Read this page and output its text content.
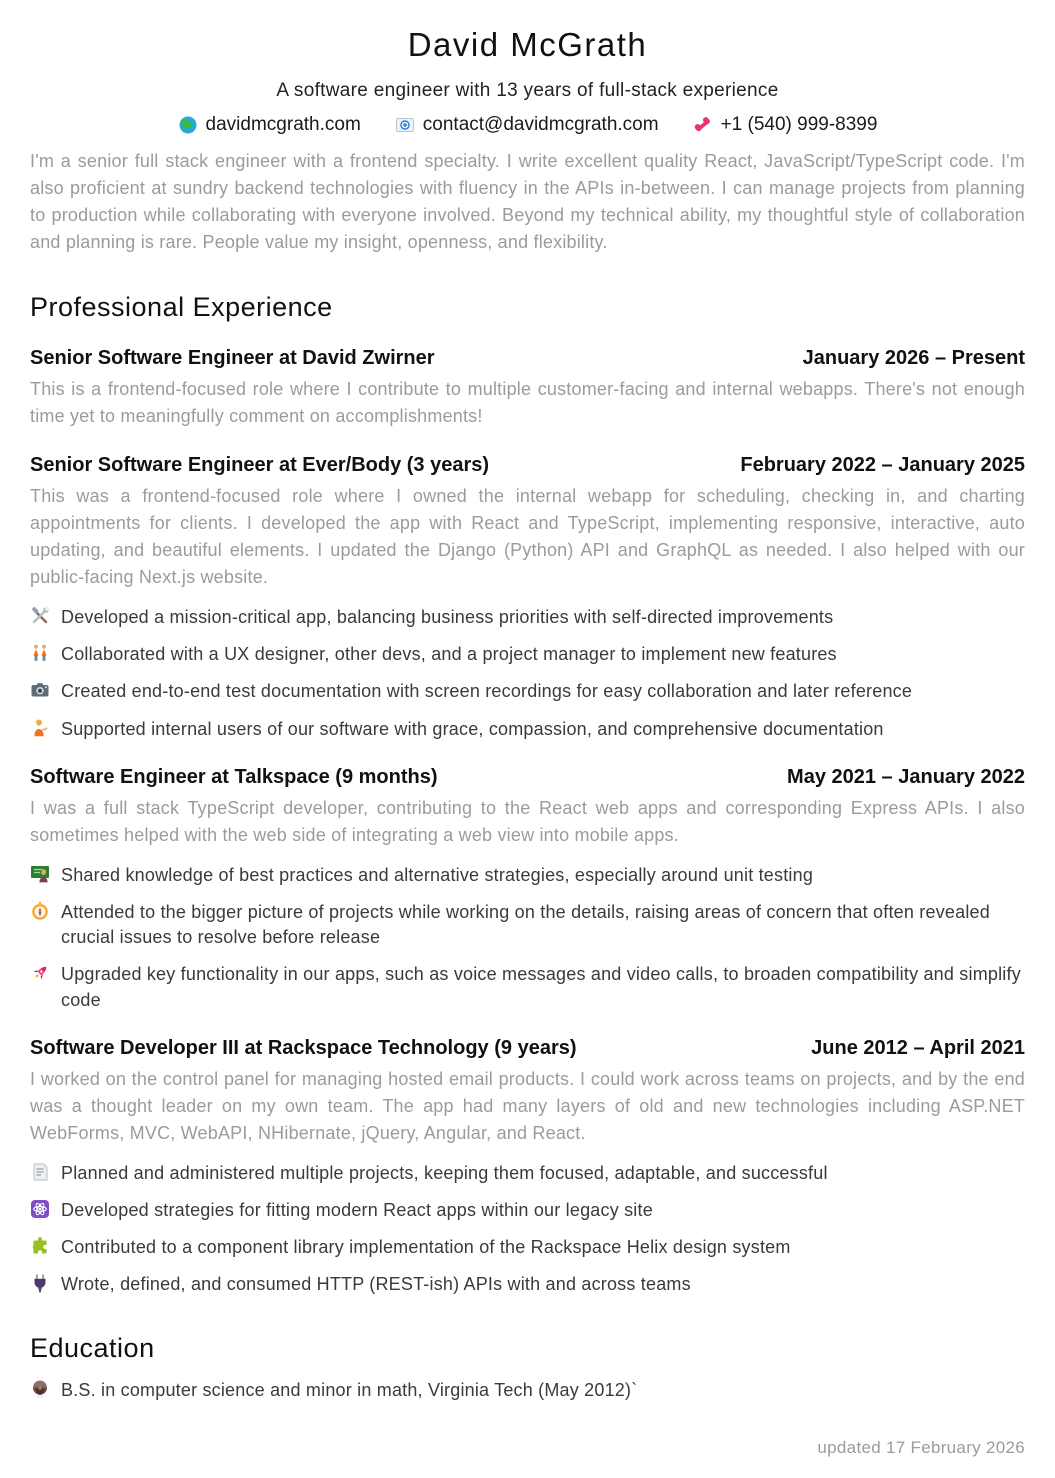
David McGrath
A software engineer with 13 years of full-stack experience
davidmcgrath.com	contact@davidmcgrath.com	+1 (540) 999-8399

I'm a senior full stack engineer with a frontend specialty. I write excellent quality React, JavaScript/TypeScript code. I'm also proficient at sundry backend technologies with fluency in the APIs in-between. I can manage projects from planning to production while collaborating with everyone involved. Beyond my technical ability, my thoughtful style of collaboration and planning is rare. People value my insight, openness, and flexibility.

Professional Experience
Senior Software Engineer at David Zwirner	January 2026 – Present

This is a frontend-focused role where I contribute to multiple customer-facing and internal webapps. There's not enough time yet to meaningfully comment on accomplishments!

Senior Software Engineer at Ever/Body (3 years)	February 2022 – January 2025

This was a frontend-focused role where I owned the internal webapp for scheduling, checking in, and charting appointments for clients. I developed the app with React and TypeScript, implementing responsive, interactive, auto updating, and beautiful elements. I updated the Django (Python) API and GraphQL as needed. I also helped with our public-facing Next.js website.

Developed a mission-critical app, balancing business priorities with self-directed improvements
Collaborated with a UX designer, other devs, and a project manager to implement new features
Created end-to-end test documentation with screen recordings for easy collaboration and later reference
Supported internal users of our software with grace, compassion, and comprehensive documentation
Software Engineer at Talkspace (9 months)	May 2021 – January 2022

I was a full stack TypeScript developer, contributing to the React web apps and corresponding Express APIs. I also sometimes helped with the web side of integrating a web view into mobile apps.

Shared knowledge of best practices and alternative strategies, especially around unit testing
Attended to the bigger picture of projects while working on the details, raising areas of concern that often revealed crucial issues to resolve before release
Upgraded key functionality in our apps, such as voice messages and video calls, to broaden compatibility and simplify code
Software Developer III at Rackspace Technology (9 years)	June 2012 – April 2021

I worked on the control panel for managing hosted email products. I could work across teams on projects, and by the end was a thought leader on my own team. The app had many layers of old and new technologies including ASP.NET WebForms, MVC, WebAPI, NHibernate, jQuery, Angular, and React.

Planned and administered multiple projects, keeping them focused, adaptable, and successful
Developed strategies for fitting modern React apps within our legacy site
Contributed to a component library implementation of the Rackspace Helix design system
Wrote, defined, and consumed HTTP (REST-ish) APIs with and across teams
Education
B.S. in computer science and minor in math, Virginia Tech (May 2012)`
updated 17 February 2026
